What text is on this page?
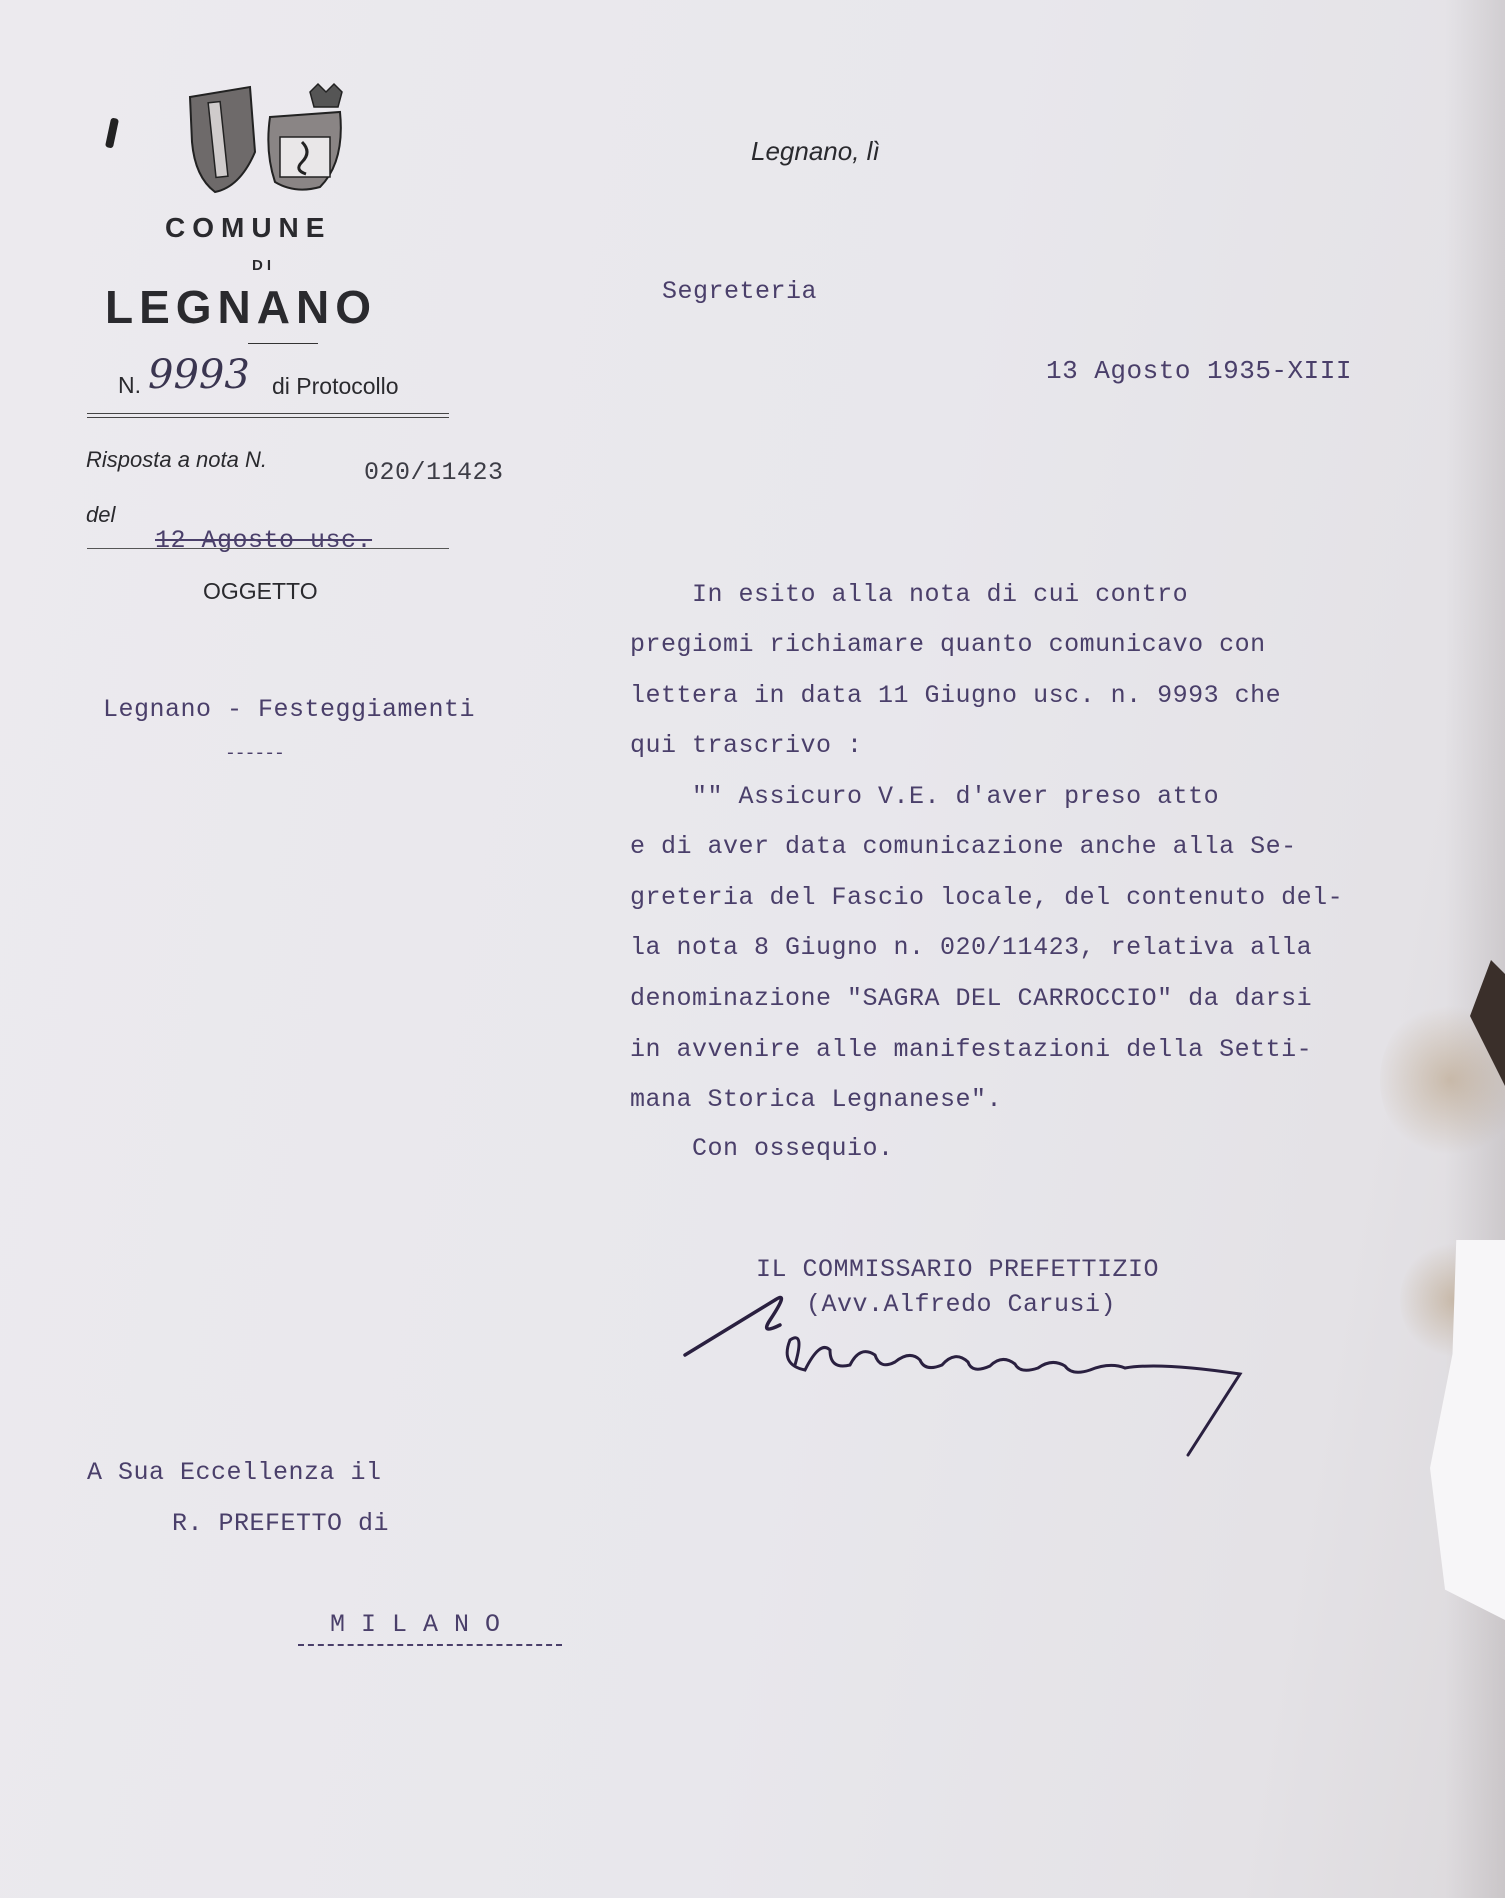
COMUNE
DI
LEGNANO
N. 9993 di Protocollo
Risposta a nota N.	020/11423
del
12 Agosto usc.
OGGETTO
Legnano - Festeggiamenti
------
Legnano, lì
Segreteria
13 Agosto 1935-XIII
In esito alla nota di cui contro
pregiomi richiamare quanto comunicavo con
lettera in data 11 Giugno usc. n. 9993 che
qui trascrivo :
"" Assicuro V.E. d'aver preso atto
e di aver data comunicazione anche alla Se-
greteria del Fascio locale, del contenuto del-
la nota 8 Giugno n. 020/11423, relativa alla
denominazione "SAGRA DEL CARROCCIO" da darsi
in avvenire alle manifestazioni della Setti-
mana Storica Legnanese".
Con ossequio.
IL COMMISSARIO PREFETTIZIO
(Avv.Alfredo Carusi)
A Sua Eccellenza il
R. PREFETTO di
M I L A N O
